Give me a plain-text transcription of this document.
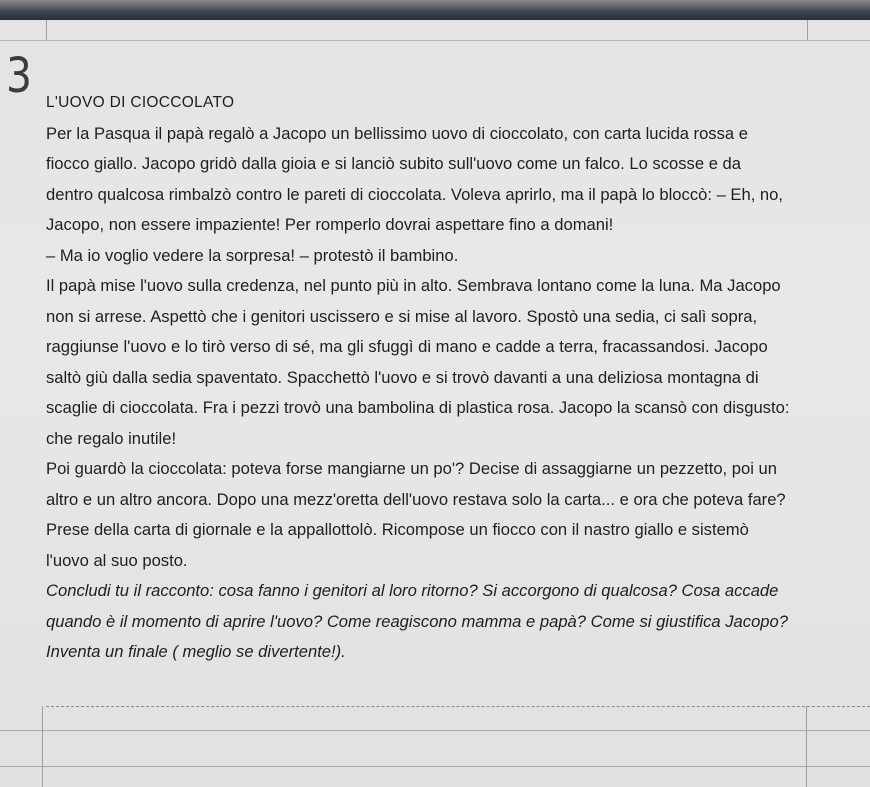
3 L'UOVO DI CIOCCOLATO
Per la Pasqua il papà regalò a Jacopo un bellissimo uovo di cioccolato, con carta lucida rossa e
fiocco giallo. Jacopo gridò dalla gioia e si lanciò subito sull'uovo come un falco. Lo scosse e da
dentro qualcosa rimbalzò contro le pareti di cioccolata. Voleva aprirlo, ma il papà lo bloccò: – Eh, no,
Jacopo, non essere impaziente! Per romperlo dovrai aspettare fino a domani!
– Ma io voglio vedere la sorpresa! – protestò il bambino.
Il papà mise l'uovo sulla credenza, nel punto più in alto. Sembrava lontano come la luna. Ma Jacopo
non si arrese. Aspettò che i genitori uscissero e si mise al lavoro. Spostò una sedia, ci salì sopra,
raggiunse l'uovo e lo tirò verso di sé, ma gli sfuggì di mano e cadde a terra, fracassandosi. Jacopo
saltò giù dalla sedia spaventato. Spacchettò l'uovo e si trovò davanti a una deliziosa montagna di
scaglie di cioccolata. Fra i pezzi trovò una bambolina di plastica rosa. Jacopo la scansò con disgusto:
che regalo inutile!
Poi guardò la cioccolata: poteva forse mangiarne un po'? Decise di assaggiarne un pezzetto, poi un
altro e un altro ancora. Dopo una mezz'oretta dell'uovo restava solo la carta... e ora che poteva fare?
Prese della carta di giornale e la appallottolò. Ricompose un fiocco con il nastro giallo e sistemò
l'uovo al suo posto.
Concludi tu il racconto: cosa fanno i genitori al loro ritorno? Si accorgono di qualcosa? Cosa accade
quando è il momento di aprire l'uovo? Come reagiscono mamma e papà? Come si giustifica Jacopo?
Inventa un finale ( meglio se divertente!).
